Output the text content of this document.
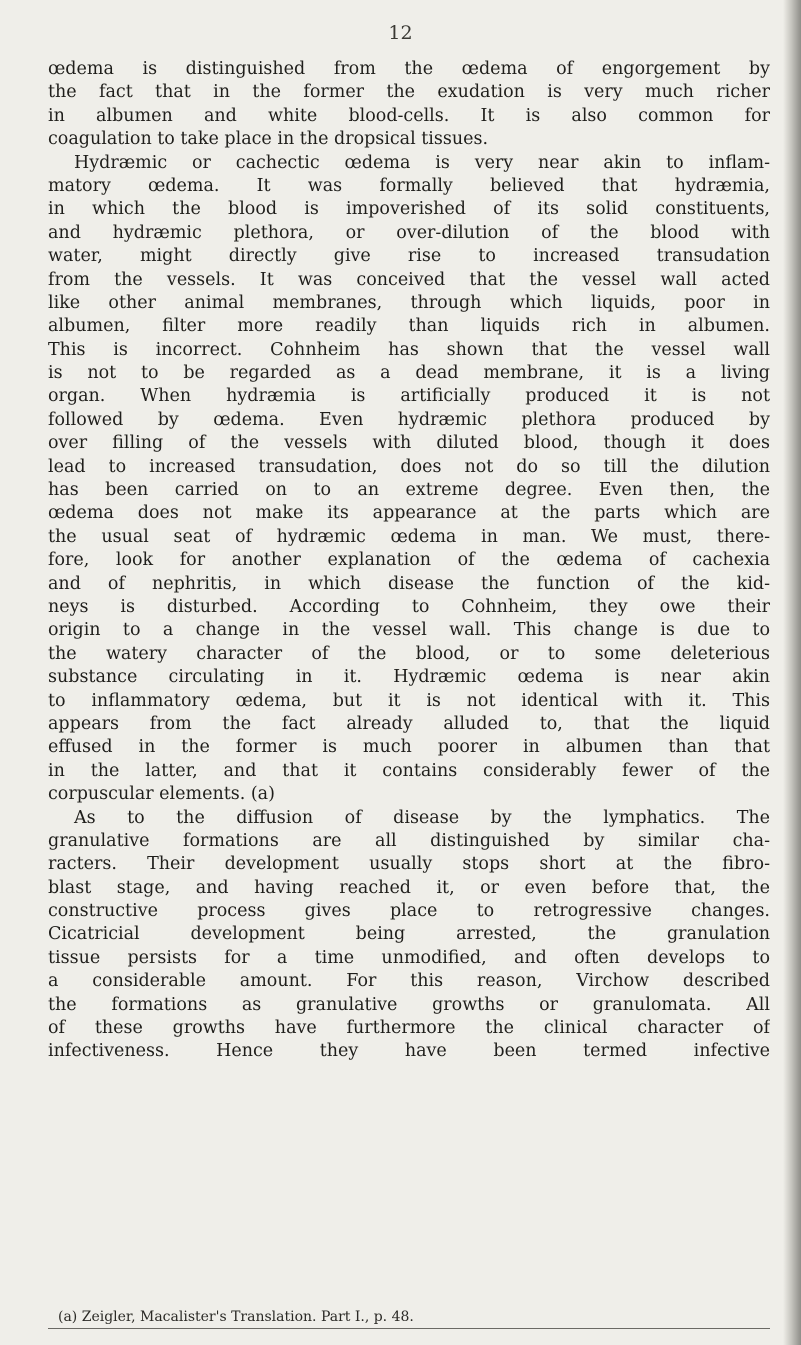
12
œdema is distinguished from the œdema of engorgement by
the fact that in the former the exudation is very much richer
in albumen and white blood-cells. It is also common for
coagulation to take place in the dropsical tissues.
Hydræmic or cachectic œdema is very near akin to inflam-
matory œdema. It was formally believed that hydræmia,
in which the blood is impoverished of its solid constituents,
and hydræmic plethora, or over-dilution of the blood with
water, might directly give rise to increased transudation
from the vessels. It was conceived that the vessel wall acted
like other animal membranes, through which liquids, poor in
albumen, filter more readily than liquids rich in albumen.
This is incorrect. Cohnheim has shown that the vessel wall
is not to be regarded as a dead membrane, it is a living
organ. When hydræmia is artificially produced it is not
followed by œdema. Even hydræmic plethora produced by
over filling of the vessels with diluted blood, though it does
lead to increased transudation, does not do so till the dilution
has been carried on to an extreme degree. Even then, the
œdema does not make its appearance at the parts which are
the usual seat of hydræmic œdema in man. We must, there-
fore, look for another explanation of the œdema of cachexia
and of nephritis, in which disease the function of the kid-
neys is disturbed. According to Cohnheim, they owe their
origin to a change in the vessel wall. This change is due to
the watery character of the blood, or to some deleterious
substance circulating in it. Hydræmic œdema is near akin
to inflammatory œdema, but it is not identical with it. This
appears from the fact already alluded to, that the liquid
effused in the former is much poorer in albumen than that
in the latter, and that it contains considerably fewer of the
corpuscular elements. (a)
As to the diffusion of disease by the lymphatics. The
granulative formations are all distinguished by similar cha-
racters. Their development usually stops short at the fibro-
blast stage, and having reached it, or even before that, the
constructive process gives place to retrogressive changes.
Cicatricial development being arrested, the granulation
tissue persists for a time unmodified, and often develops to
a considerable amount. For this reason, Virchow described
the formations as granulative growths or granulomata. All
of these growths have furthermore the clinical character of
infectiveness. Hence they have been termed infective
(a) Zeigler, Macalister's Translation. Part I., p. 48.
